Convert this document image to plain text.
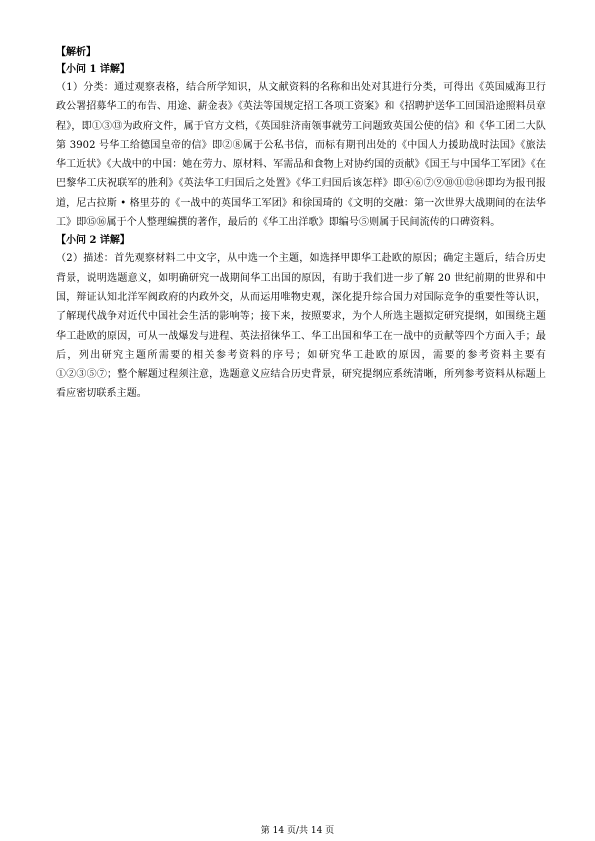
【解析】

【小问 1 详解】

（1）分类：通过观察表格，结合所学知识，从文献资料的名称和出处对其进行分类，可得出《英国威海卫行政公署招募华工的布告、用途、薪金表》《英法等国规定招工各项工资案》和《招聘护送华工回国沿途照料员章程》，即①③⑬为政府文件，属于官方文档，《英国驻济南领事就劳工问题致英国公使的信》和《华工团二大队第 3902 号华工给德国皇帝的信》即②⑧属于公私书信，而标有期刊出处的《中国人力援助战时法国》《旅法华工近状》《大战中的中国：她在劳力、原材料、军需品和食物上对协约国的贡献》《国王与中国华工军团》《在巴黎华工庆祝联军的胜利》《英法华工归国后之处置》《华工归国后该怎样》即④⑥⑦⑨⑩⑪⑫⑭即均为报刊报道，尼古拉斯 • 格里芬的《一战中的英国华工军团》和徐国琦的《文明的交融：第一次世界大战期间的在法华工》即⑮⑯属于个人整理编撰的著作，最后的《华工出洋歌》即编号⑤则属于民间流传的口碑资料。

【小问 2 详解】

（2）描述：首先观察材料二中文字，从中选一个主题，如选择甲即华工赴欧的原因；确定主题后，结合历史背景，说明选题意义，如明确研究一战期间华工出国的原因，有助于我们进一步了解 20 世纪前期的世界和中国，辩证认知北洋军阀政府的内政外交，从而运用唯物史观，深化提升综合国力对国际竞争的重要性等认识，了解现代战争对近代中国社会生活的影响等；接下来，按照要求，为个人所选主题拟定研究提纲，如围绕主题华工赴欧的原因，可从一战爆发与进程、英法招徕华工、华工出国和华工在一战中的贡献等四个方面入手；最后，列出研究主题所需要的相关参考资料的序号；如研究华工赴欧的原因，需要的参考资料主要有①②③⑤⑦；整个解题过程须注意，选题意义应结合历史背景，研究提纲应系统清晰，所列参考资料从标题上看应密切联系主题。

第 14 页/共 14 页
